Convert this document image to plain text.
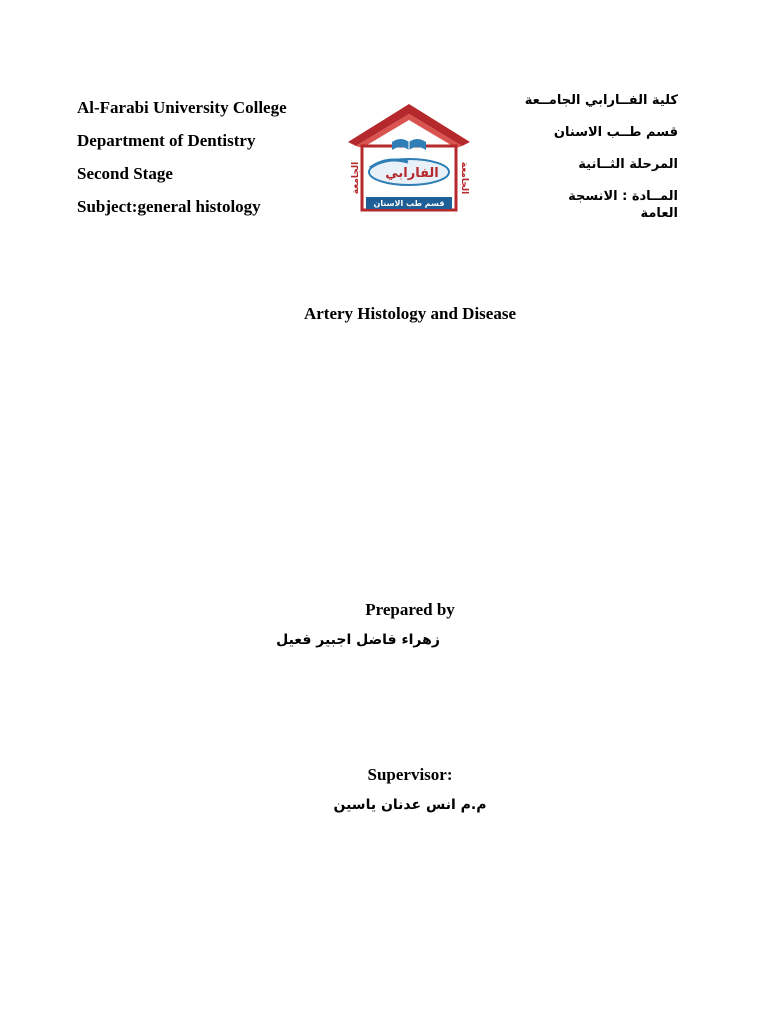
Al-Farabi University College
Department of Dentistry
Second Stage
Subject:general histology
الفارابي
الجامعة	الجامعة
قسم طب الاسنان
كلية الفــارابي الجامــعة
قسم طــب الاسنان
المرحلة الثــانية
المــادة : الانسجة العامة
Artery Histology and Disease
Prepared by
زهراء فاضل اجبير فعيل
Supervisor:
م.م انس عدنان ياسين
